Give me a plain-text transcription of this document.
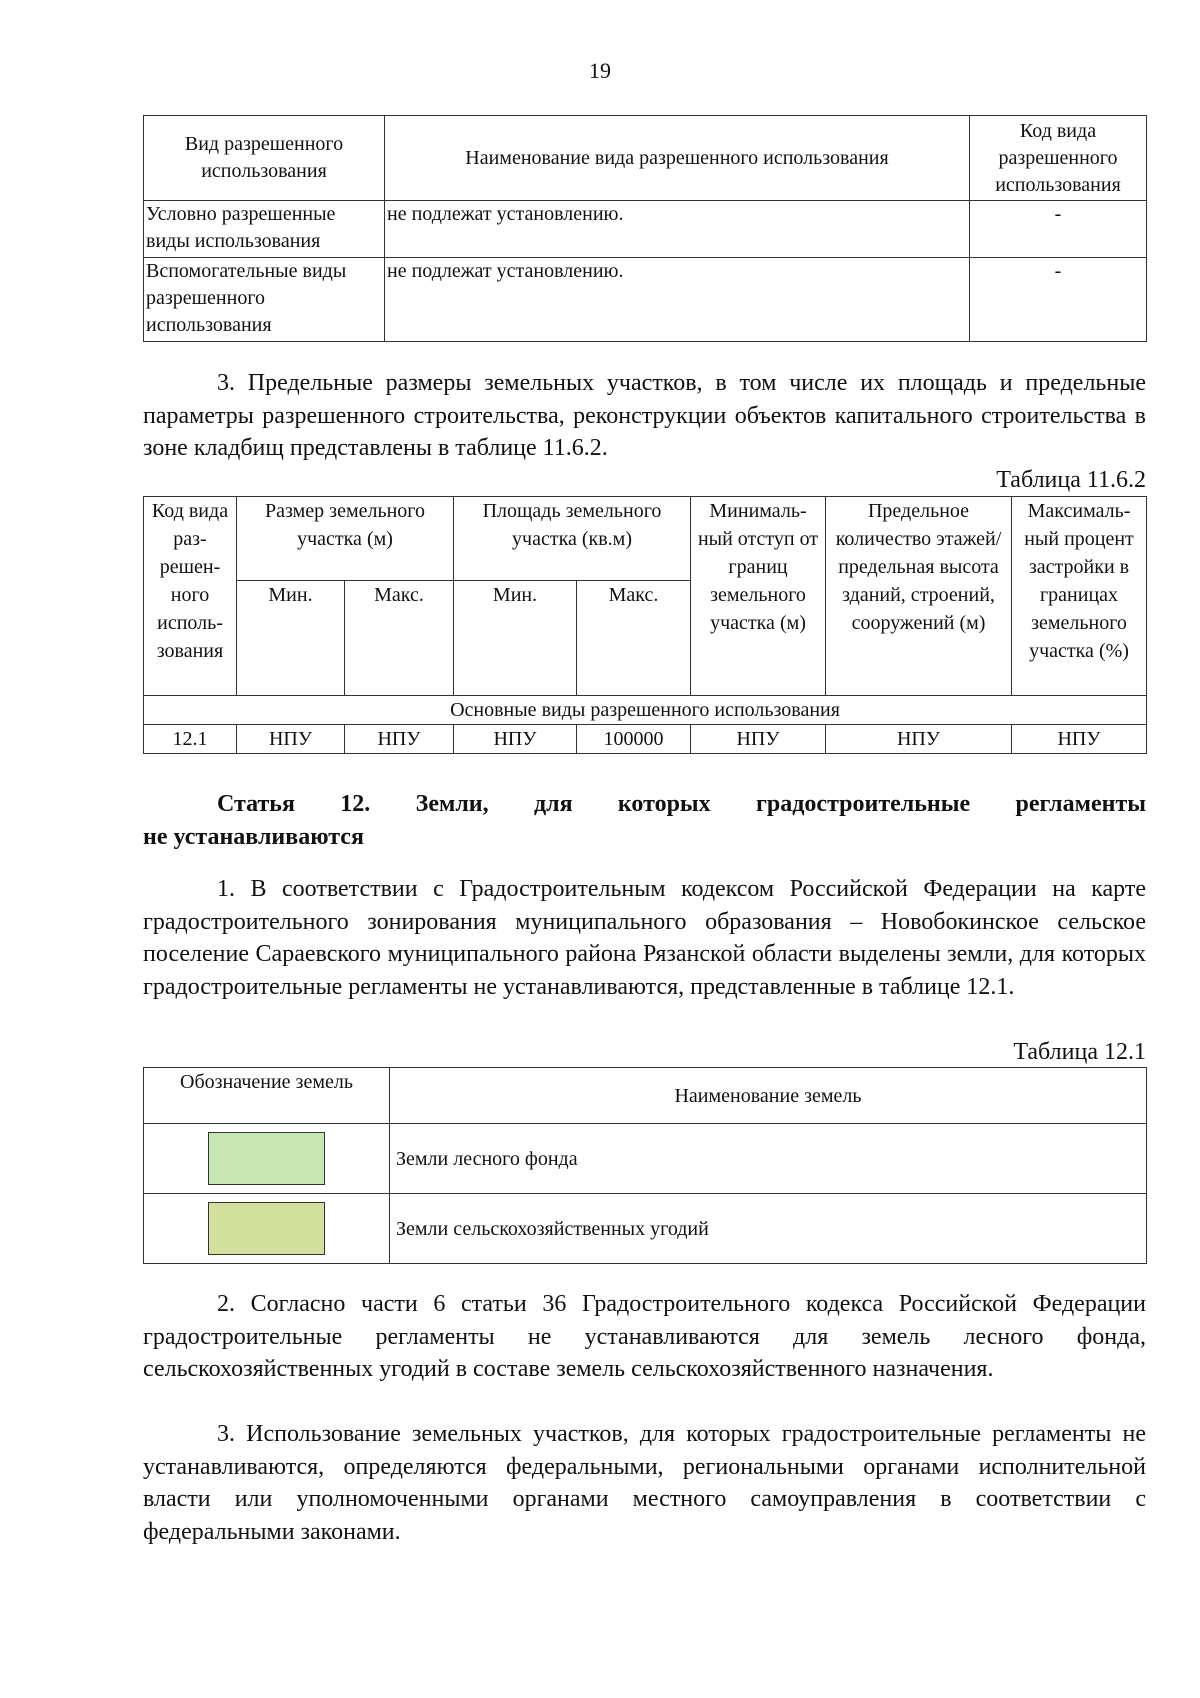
19
Вид разрешенного использования	Наименование вида разрешенного использования	Код вида разрешенного использования
Условно разрешенные виды использования	не подлежат установлению.	-
Вспомогательные виды разрешенного использования	не подлежат установлению.	-

3. Предельные размеры земельных участков, в том числе их площадь и предельные параметры разрешенного строительства, реконструкции объектов капитального строительства в зоне кладбищ представлены в таблице 11.6.2.

Таблица 11.6.2
Код вида раз- решен- ного исполь- зования	Размер земельного участка (м)		Площадь земельного участка (кв.м)		Минималь- ный отступ от границ земельного участка (м)	Предельное количество этажей/ предельная высота зданий, строений, сооружений (м)	Максималь- ный процент застройки в границах земельного участка (%)
	Мин.	Макс.	Мин.	Макс.			
Основные виды разрешенного использования							
12.1	НПУ	НПУ	НПУ	100000	НПУ	НПУ	НПУ

Статья 12. Земли, для которых градостроительные регламенты

не устанавливаются

1. В соответствии с Градостроительным кодексом Российской Федерации на карте градостроительного зонирования муниципального образования – Новобокинское сельское поселение Сараевского муниципального района Рязанской области выделены земли, для которых градостроительные регламенты не устанавливаются, представленные в таблице 12.1.

Таблица 12.1
Обозначение земель	Наименование земель

	Земли лесного фонда

	Земли сельскохозяйственных угодий

2. Согласно части 6 статьи 36 Градостроительного кодекса Российской Федерации градостроительные регламенты не устанавливаются для земель лесного фонда, сельскохозяйственных угодий в составе земель сельскохозяйственного назначения.

3. Использование земельных участков, для которых градостроительные регламенты не устанавливаются, определяются федеральными, региональными органами исполнительной власти или уполномоченными органами местного самоуправления в соответствии с федеральными законами.
